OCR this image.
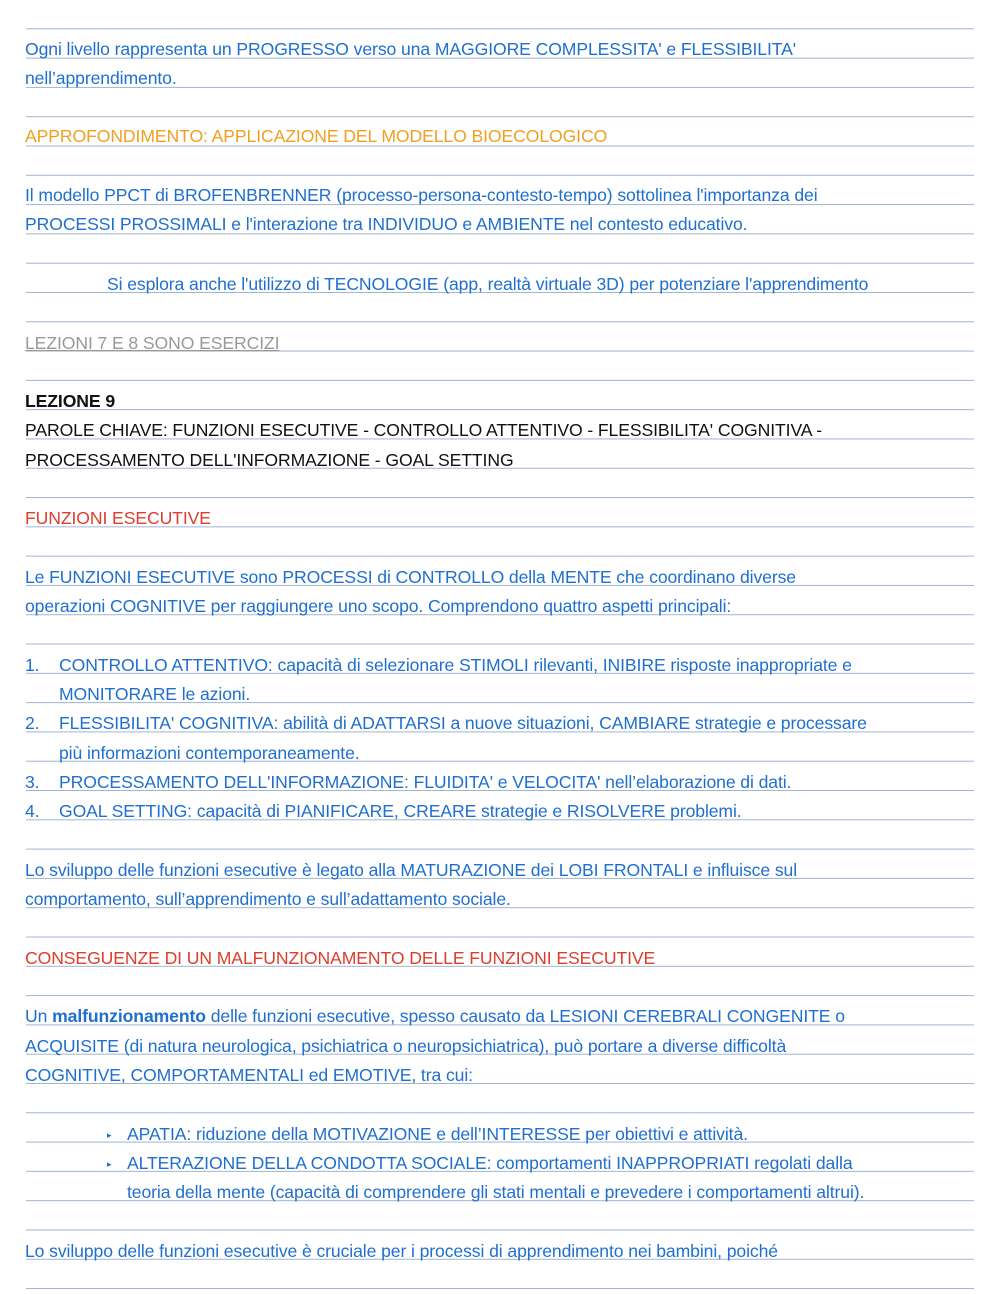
Ogni livello rappresenta un PROGRESSO verso una MAGGIORE COMPLESSITA' e FLESSIBILITA'
nell’apprendimento.
APPROFONDIMENTO: APPLICAZIONE DEL MODELLO BIOECOLOGICO
Il modello PPCT di BROFENBRENNER (processo-persona-contesto-tempo) sottolinea l'importanza dei
PROCESSI PROSSIMALI e l'interazione tra INDIVIDUO e AMBIENTE nel contesto educativo.
Si esplora anche l'utilizzo di TECNOLOGIE (app, realtà virtuale 3D) per potenziare l'apprendimento
LEZIONI 7 E 8 SONO ESERCIZI
LEZIONE 9
PAROLE CHIAVE: FUNZIONI ESECUTIVE - CONTROLLO ATTENTIVO - FLESSIBILITA' COGNITIVA -
PROCESSAMENTO DELL'INFORMAZIONE - GOAL SETTING
FUNZIONI ESECUTIVE
Le FUNZIONI ESECUTIVE sono PROCESSI di CONTROLLO della MENTE che coordinano diverse
operazioni COGNITIVE per raggiungere uno scopo. Comprendono quattro aspetti principali:
1. CONTROLLO ATTENTIVO: capacità di selezionare STIMOLI rilevanti, INIBIRE risposte inappropriate e
MONITORARE le azioni.
2. FLESSIBILITA' COGNITIVA: abilità di ADATTARSI a nuove situazioni, CAMBIARE strategie e processare
più informazioni contemporaneamente.
3. PROCESSAMENTO DELL'INFORMAZIONE: FLUIDITA' e VELOCITA' nell’elaborazione di dati.
4. GOAL SETTING: capacità di PIANIFICARE, CREARE strategie e RISOLVERE problemi.
Lo sviluppo delle funzioni esecutive è legato alla MATURAZIONE dei LOBI FRONTALI e influisce sul
comportamento, sull’apprendimento e sull’adattamento sociale.
CONSEGUENZE DI UN MALFUNZIONAMENTO DELLE FUNZIONI ESECUTIVE
Un malfunzionamento delle funzioni esecutive, spesso causato da LESIONI CEREBRALI CONGENITE o
ACQUISITE (di natura neurologica, psichiatrica o neuropsichiatrica), può portare a diverse difficoltà
COGNITIVE, COMPORTAMENTALI ed EMOTIVE, tra cui:
▸ APATIA: riduzione della MOTIVAZIONE e dell’INTERESSE per obiettivi e attività.
▸ ALTERAZIONE DELLA CONDOTTA SOCIALE: comportamenti INAPPROPRIATI regolati dalla
teoria della mente (capacità di comprendere gli stati mentali e prevedere i comportamenti altrui).
Lo sviluppo delle funzioni esecutive è cruciale per i processi di apprendimento nei bambini, poiché
